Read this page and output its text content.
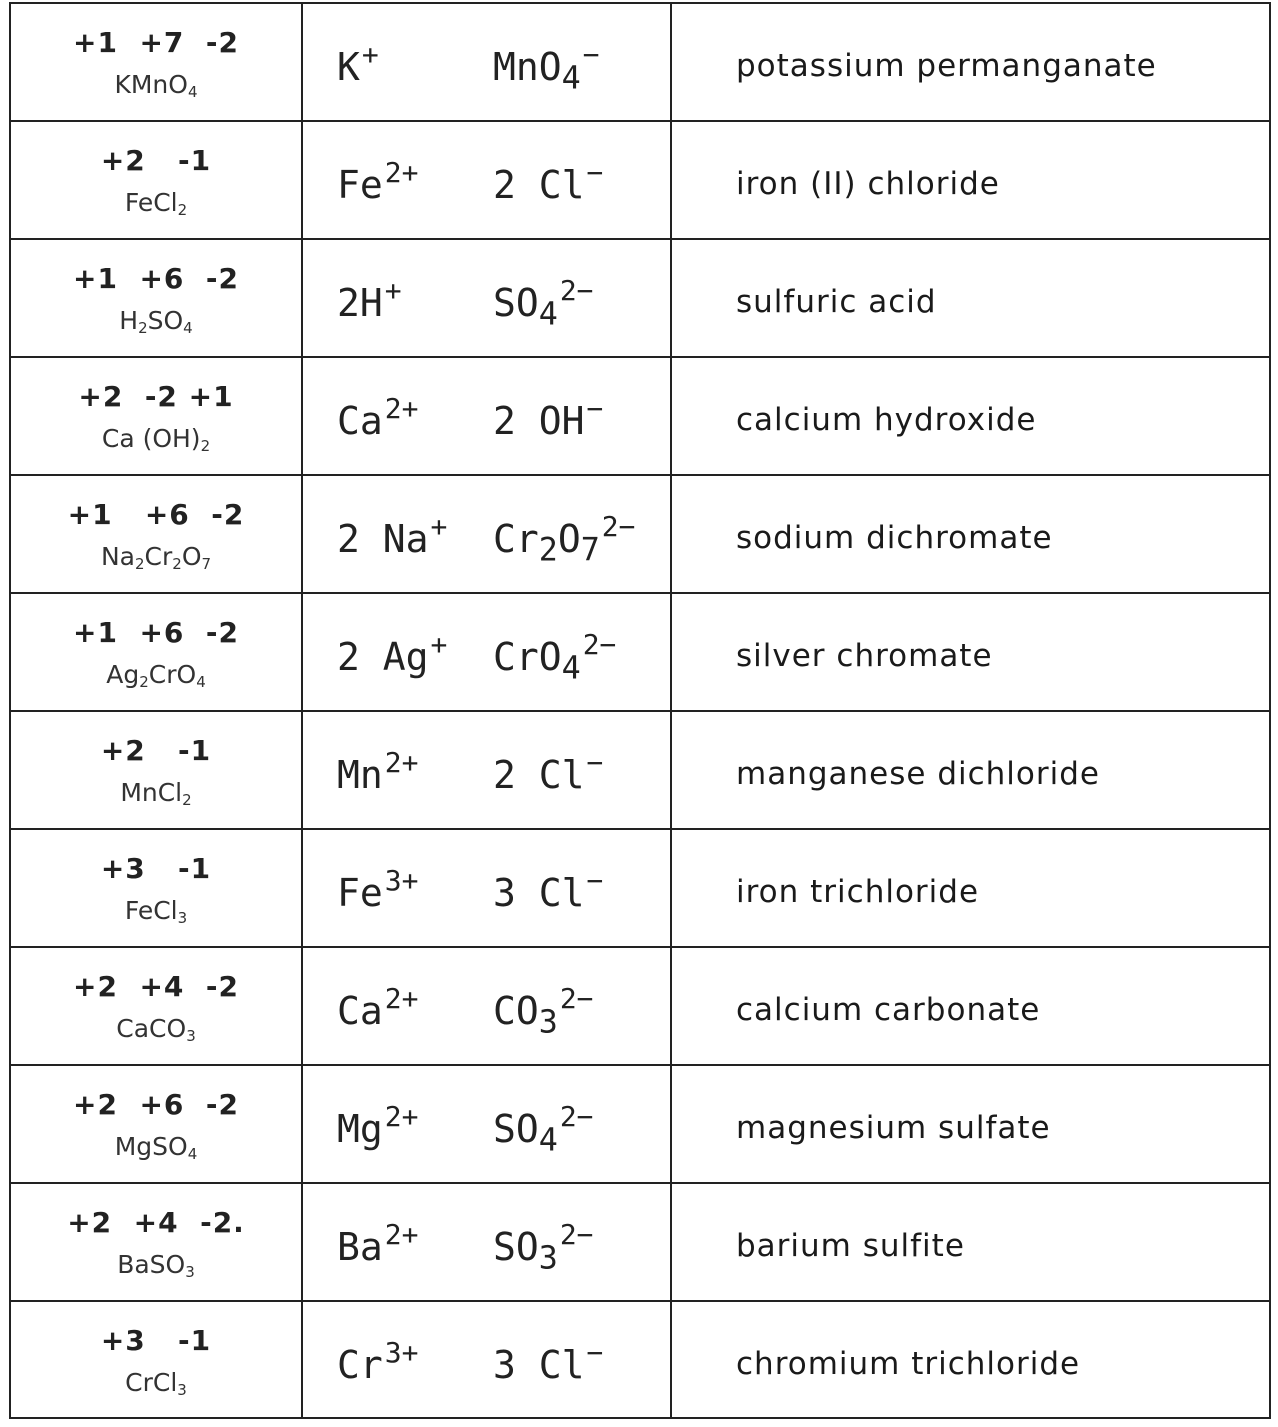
+1  +7  -2
KMnO$_4$
K+	MnO$_4$−	potassium permanganate
+2   -1
FeCl$_2$
$Fe^{2+}$ 2 Cl−	iron (II) chloride
+1  +6  -2
$H_2SO_4$
2H+ $SO_4^{2-}$	sulfuric acid
+2  -2 +1
Ca $(OH)_2$
$Ca^{2+}$ 2 OH−	calcium hydroxide
+1   +6  -2
$Na_2Cr_2O_7$
2 Na+ $Cr_2O_7^{2-}$	sodium dichromate
+1  +6  -2
$Ag_2CrO_4$
2 Ag+ CrO$_4^{2-}$	silver chromate
+2   -1
MnCl$_2$
$Mn^{2+}$ 2 Cl−	manganese dichloride
+3   -1
FeCl$_3$
$Fe^{3+}$ 3 Cl−	iron trichloride
+2  +4  -2
CaCO$_3$
$Ca^{2+}$ $CO_3^{2-}$	calcium carbonate
+2  +6  -2
MgSO$_4$
$Mg^{2+}$ $SO_4^{2-}$	magnesium sulfate
+2  +4  -2.
BaSO$_3$
$Ba^{2+}$ $SO_3^{2-}$	barium sulfite
+3   -1
CrCl$_3$
$Cr^{3+}$ 3 Cl−	chromium trichloride
